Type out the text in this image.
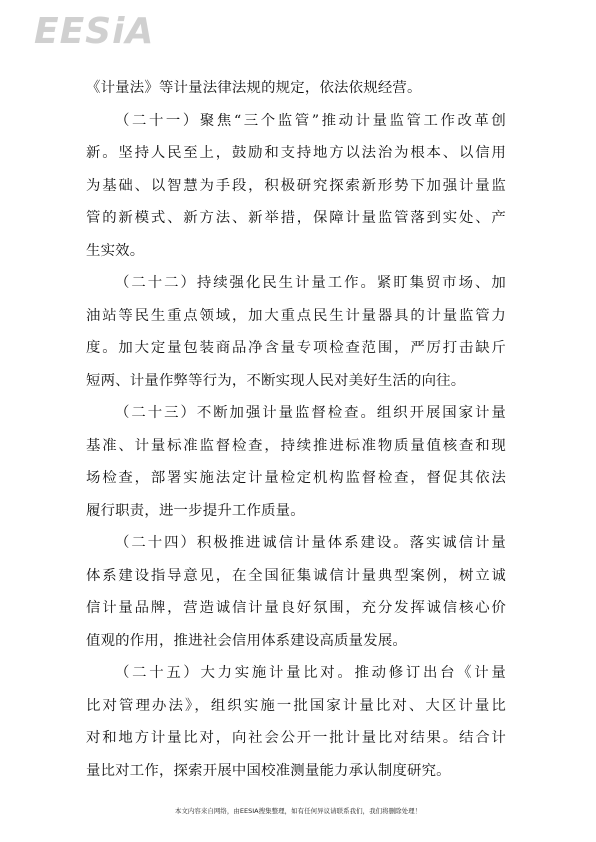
EESiA
《计量法》等计量法律法规的规定，依法依规经营。
（二十一）聚焦“三个监管”推动计量监管工作改革创
新。坚持人民至上，鼓励和支持地方以法治为根本、以信用
为基础、以智慧为手段，积极研究探索新形势下加强计量监
管的新模式、新方法、新举措，保障计量监管落到实处、产
生实效。
（二十二）持续强化民生计量工作。紧盯集贸市场、加
油站等民生重点领域，加大重点民生计量器具的计量监管力
度。加大定量包装商品净含量专项检查范围，严厉打击缺斤
短两、计量作弊等行为，不断实现人民对美好生活的向往。
（二十三）不断加强计量监督检查。组织开展国家计量
基准、计量标准监督检查，持续推进标准物质量值核查和现
场检查，部署实施法定计量检定机构监督检查，督促其依法
履行职责，进一步提升工作质量。
（二十四）积极推进诚信计量体系建设。落实诚信计量
体系建设指导意见，在全国征集诚信计量典型案例，树立诚
信计量品牌，营造诚信计量良好氛围，充分发挥诚信核心价
值观的作用，推进社会信用体系建设高质量发展。
（二十五）大力实施计量比对。推动修订出台《计量
比对管理办法》，组织实施一批国家计量比对、大区计量比
对和地方计量比对，向社会公开一批计量比对结果。结合计
量比对工作，探索开展中国校准测量能力承认制度研究。
本文内容来自网络，由EESIA搜集整理，如有任何异议请联系我们，我们将删除处理！
